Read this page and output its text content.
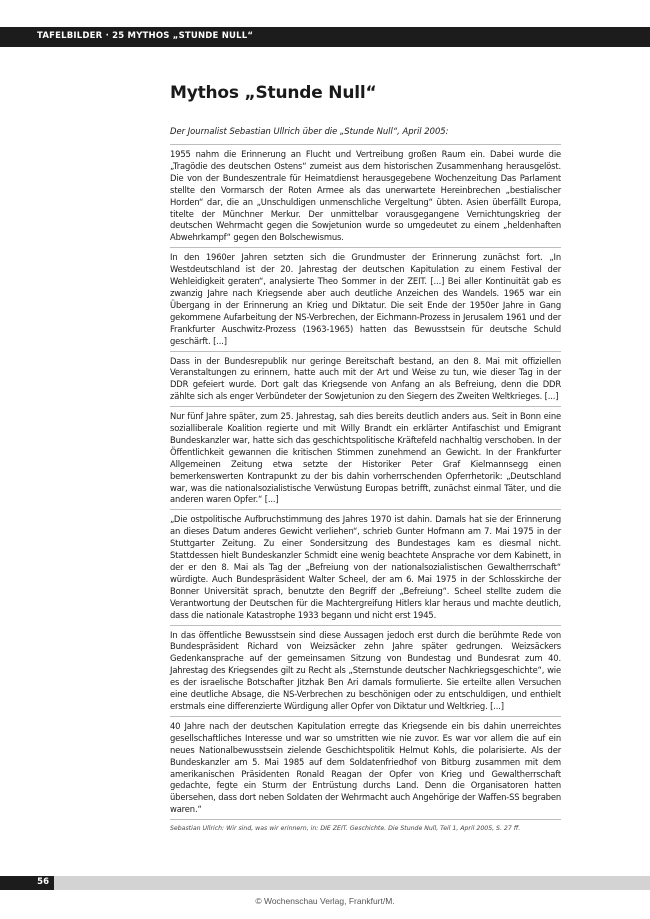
TAFELBILDER · 25 MYTHOS „STUNDE NULL“
Mythos „Stunde Null“

Der Journalist Sebastian Ullrich über die „Stunde Null“, April 2005:

1955 nahm die Erinnerung an Flucht und Vertreibung großen Raum ein. Dabei wurde die „Tragödie des deutschen Ostens“ zumeist aus dem historischen Zusammenhang herausgelöst. Die von der Bundeszentrale für Heimatdienst herausgegebene Wochenzeitung Das Parlament stellte den Vormarsch der Roten Armee als das unerwartete Hereinbrechen „bestialischer Horden“ dar, die an „Unschuldigen unmenschliche Vergeltung“ übten. Asien überfällt Europa, titelte der Münchner Merkur. Der unmittelbar vorausgegangene Vernichtungskrieg der deutschen Wehrmacht gegen die Sowjetunion wurde so umgedeutet zu einem „heldenhaften Abwehrkampf“ gegen den Bolschewismus.

In den 1960er Jahren setzten sich die Grundmuster der Erinnerung zunächst fort. „In Westdeutschland ist der 20. Jahrestag der deutschen Kapitulation zu einem Festival der Wehleidigkeit geraten“, analysierte Theo Sommer in der ZEIT. [...] Bei aller Kontinuität gab es zwanzig Jahre nach Kriegsende aber auch deutliche Anzeichen des Wandels. 1965 war ein Übergang in der Erinnerung an Krieg und Diktatur. Die seit Ende der 1950er Jahre in Gang gekommene Aufarbeitung der NS-Verbrechen, der Eichmann-Prozess in Jerusalem 1961 und der Frankfurter Auschwitz-Prozess (1963-1965) hatten das Bewusstsein für deutsche Schuld geschärft. [...]

Dass in der Bundesrepublik nur geringe Bereitschaft bestand, an den 8. Mai mit offiziellen Veranstaltungen zu erinnern, hatte auch mit der Art und Weise zu tun, wie dieser Tag in der DDR gefeiert wurde. Dort galt das Kriegsende von Anfang an als Befreiung, denn die DDR zählte sich als enger Verbündeter der Sowjetunion zu den Siegern des Zweiten Weltkrieges. [...]

Nur fünf Jahre später, zum 25. Jahrestag, sah dies bereits deutlich anders aus. Seit in Bonn eine sozialliberale Koalition regierte und mit Willy Brandt ein erklärter Antifaschist und Emigrant Bundeskanzler war, hatte sich das geschichtspolitische Kräftefeld nachhaltig verschoben. In der Öffentlichkeit gewannen die kritischen Stimmen zunehmend an Gewicht. In der Frankfurter Allgemeinen Zeitung etwa setzte der Historiker Peter Graf Kielmannsegg einen bemerkenswerten Kontrapunkt zu der bis dahin vorherrschenden Opferrhetorik: „Deutschland war, was die nationalsozialistische Verwüstung Europas betrifft, zunächst einmal Täter, und die anderen waren Opfer.“ [...]

„Die ostpolitische Aufbruchstimmung des Jahres 1970 ist dahin. Damals hat sie der Erinnerung an dieses Datum anderes Gewicht verliehen“, schrieb Gunter Hofmann am 7. Mai 1975 in der Stuttgarter Zeitung. Zu einer Sondersitzung des Bundestages kam es diesmal nicht. Stattdessen hielt Bundeskanzler Schmidt eine wenig beachtete Ansprache vor dem Kabinett, in der er den 8. Mai als Tag der „Befreiung von der nationalsozialistischen Gewaltherrschaft“ würdigte. Auch Bundespräsident Walter Scheel, der am 6. Mai 1975 in der Schlosskirche der Bonner Universität sprach, benutzte den Begriff der „Befreiung“. Scheel stellte zudem die Verantwortung der Deutschen für die Machtergreifung Hitlers klar heraus und machte deutlich, dass die nationale Katastrophe 1933 begann und nicht erst 1945.

In das öffentliche Bewusstsein sind diese Aussagen jedoch erst durch die berühmte Rede von Bundespräsident Richard von Weizsäcker zehn Jahre später gedrungen. Weizsäckers Gedenkansprache auf der gemeinsamen Sitzung von Bundestag und Bundesrat zum 40. Jahrestag des Kriegsendes gilt zu Recht als „Sternstunde deutscher Nachkriegsgeschichte“, wie es der israelische Botschafter Jitzhak Ben Ari damals formulierte. Sie erteilte allen Versuchen eine deutliche Absage, die NS-Verbrechen zu beschönigen oder zu entschuldigen, und enthielt erstmals eine differenzierte Würdigung aller Opfer von Diktatur und Weltkrieg. [...]

40 Jahre nach der deutschen Kapitulation erregte das Kriegsende ein bis dahin unerreichtes gesellschaftliches Interesse und war so umstritten wie nie zuvor. Es war vor allem die auf ein neues Nationalbewusstsein zielende Geschichtspolitik Helmut Kohls, die polarisierte. Als der Bundeskanzler am 5. Mai 1985 auf dem Soldatenfriedhof von Bitburg zusammen mit dem amerikanischen Präsidenten Ronald Reagan der Opfer von Krieg und Gewaltherrschaft gedachte, fegte ein Sturm der Entrüstung durchs Land. Denn die Organisatoren hatten übersehen, dass dort neben Soldaten der Wehrmacht auch Angehörige der Waffen-SS begraben waren.“

Sebastian Ullrich: Wir sind, was wir erinnern, in: DIE ZEIT. Geschichte. Die Stunde Null, Teil 1, April 2005, S. 27 ff.

56
© Wochenschau Verlag, Frankfurt/M.
